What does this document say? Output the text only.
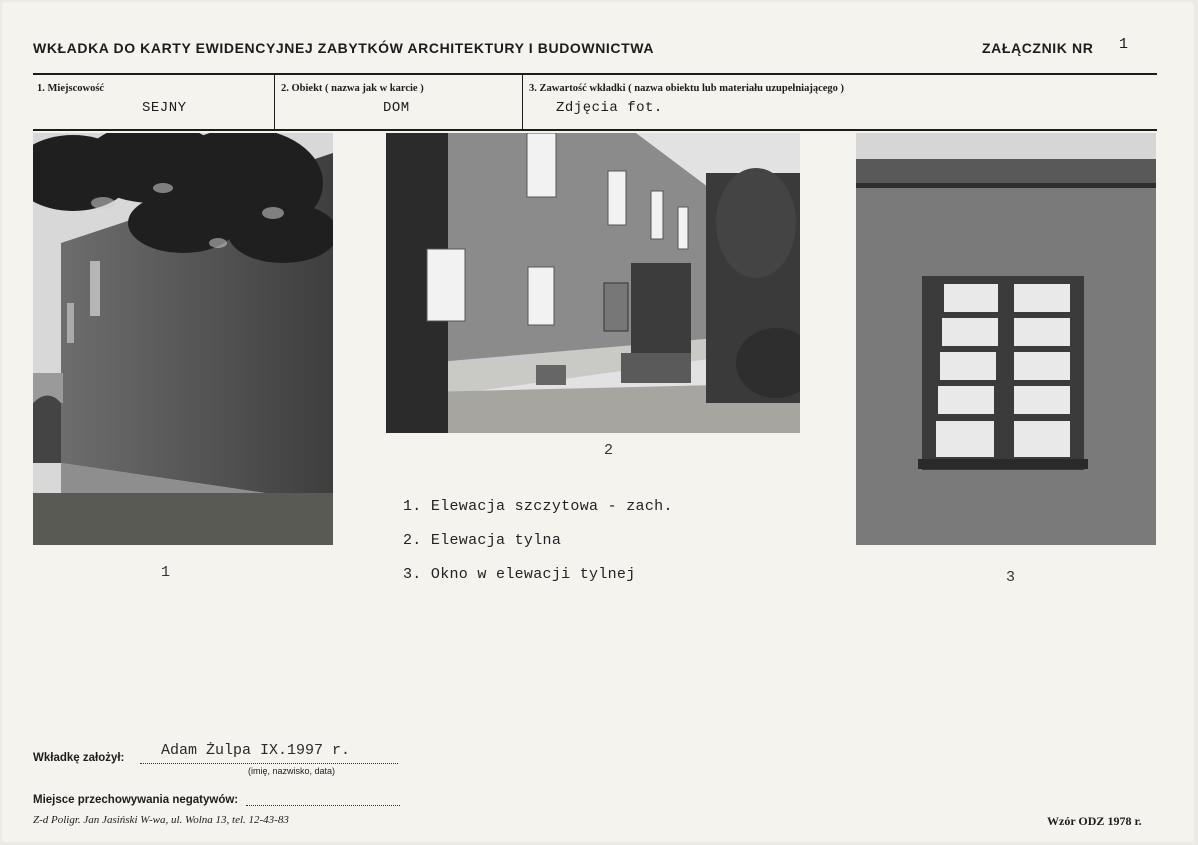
WKŁADKA DO KARTY EWIDENCYJNEJ ZABYTKÓW ARCHITEKTURY I BUDOWNICTWA	ZAŁĄCZNIK NR 1
1. Miejscowość
SEJNY
2. Obiekt ( nazwa jak w karcie )
DOM
3. Zawartość wkładki ( nazwa obiektu lub materiału uzupełniającego )
Zdjęcia fot.
1
2
3
1. Elewacja szczytowa - zach.
2. Elewacja tylna
3. Okno w elewacji tylnej
Wkładkę założył: Adam Żulpa IX.1997 r.
(imię, nazwisko, data)
Miejsce przechowywania negatywów:
Z-d Poligr. Jan Jasiński W-wa, ul. Wolna 13, tel. 12-43-83	Wzór ODZ 1978 r.
